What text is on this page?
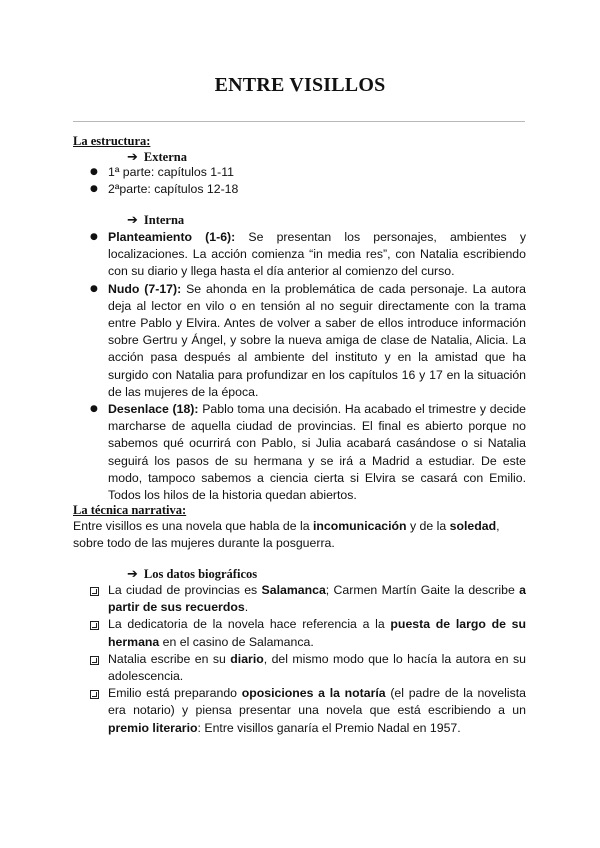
ENTRE VISILLOS
La estructura:
➔ Externa
● 1ª parte: capítulos 1-11
● 2ªparte: capítulos 12-18
➔ Interna
● Planteamiento (1-6): Se presentan los personajes, ambientes y localizaciones. La acción comienza “in media res”, con Natalia escribiendo con su diario y llega hasta el día anterior al comienzo del curso.
● Nudo (7-17): Se ahonda en la problemática de cada personaje. La autora deja al lector en vilo o en tensión al no seguir directamente con la trama entre Pablo y Elvira. Antes de volver a saber de ellos introduce información sobre Gertru y Ángel, y sobre la nueva amiga de clase de Natalia, Alicia. La acción pasa después al ambiente del instituto y en la amistad que ha surgido con Natalia para profundizar en los capítulos 16 y 17 en la situación de las mujeres de la época.
● Desenlace (18): Pablo toma una decisión. Ha acabado el trimestre y decide marcharse de aquella ciudad de provincias. El final es abierto porque no sabemos qué ocurrirá con Pablo, si Julia acabará casándose o si Natalia seguirá los pasos de su hermana y se irá a Madrid a estudiar. De este modo, tampoco sabemos a ciencia cierta si Elvira se casará con Emilio. Todos los hilos de la historia quedan abiertos.
La técnica narrativa:
Entre visillos es una novela que habla de la incomunicación y de la soledad, sobre todo de las mujeres durante la posguerra.
➔ Los datos biográficos
La ciudad de provincias es Salamanca; Carmen Martín Gaite la describe a partir de sus recuerdos.
La dedicatoria de la novela hace referencia a la puesta de largo de su hermana en el casino de Salamanca.
Natalia escribe en su diario, del mismo modo que lo hacía la autora en su adolescencia.
Emilio está preparando oposiciones a la notaría (el padre de la novelista era notario) y piensa presentar una novela que está escribiendo a un premio literario: Entre visillos ganaría el Premio Nadal en 1957.
